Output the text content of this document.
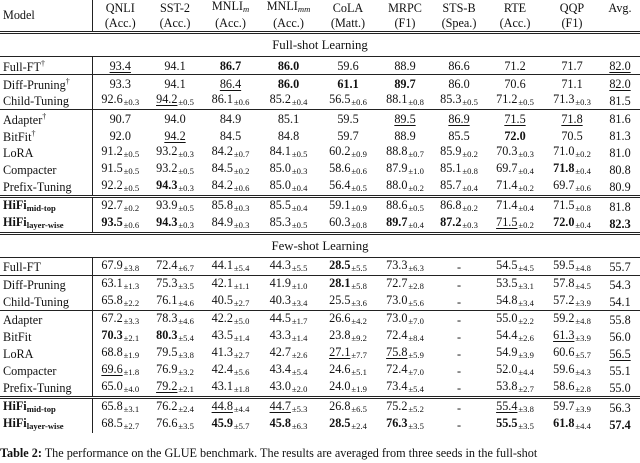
Model	QNLI	SST-2	MNLIm	MNLImm	CoLA	MRPC	STS-B	RTE	QQP	Avg.
	(Acc.)	(Acc.)	(Acc.)	(Acc.)	(Matt.)	(F1)	(Spea.)	(Acc.)	(F1)	
Full-shot Learning										
Full-FT†	93.4	94.1	86.7	86.0	59.6	88.9	86.6	71.2	71.7	82.0
Diff-Pruning†	93.3	94.1	86.4	86.0	61.1	89.7	86.0	70.6	71.1	82.0
Child-Tuning	92.6±0.3	94.2±0.5	86.1±0.6	85.2±0.4	56.5±0.6	88.1±0.8	85.3±0.5	71.2±0.5	71.3±0.3	81.5
Adapter†	90.7	94.0	84.9	85.1	59.5	89.5	86.9	71.5	71.8	81.6
BitFit†	92.0	94.2	84.5	84.8	59.7	88.9	85.5	72.0	70.5	81.3
LoRA	91.2±0.5	93.2±0.3	84.2±0.7	84.1±0.5	60.2±0.9	88.8±0.7	85.9±0.2	70.3±0.3	71.0±0.2	81.0
Compacter	91.5±0.5	93.2±0.5	84.5±0.2	85.0±0.3	58.6±0.6	87.9±1.0	85.1±0.8	69.7±0.4	71.8±0.4	80.8
Prefix-Tuning	92.2±0.5	94.3±0.3	84.2±0.6	85.0±0.4	56.4±0.5	88.0±0.2	85.7±0.4	71.4±0.2	69.7±0.6	80.9
HiFi$_{mid-top}$	92.7±0.2	93.9±0.5	85.8±0.3	85.5±0.4	59.1±0.9	88.6±0.5	86.8±0.2	71.4±0.4	71.5±0.8	81.8
HiFi$_{layer-wise}$	93.5±0.6	94.3±0.3	84.9±0.3	85.3±0.5	60.3±0.8	89.7±0.4	87.2±0.3	71.5±0.2	72.0±0.4	82.3
Few-shot Learning										
Full-FT	67.9±3.8	72.4±6.7	44.1±5.4	44.3±5.5	28.5±5.5	73.3±6.3	-	54.5±4.5	59.5±4.8	55.7
Diff-Pruning	63.1±1.3	75.3±3.5	42.1±1.1	41.9±1.0	28.1±5.8	72.7±2.8	-	53.5±3.1	57.8±4.5	54.3
Child-Tuning	65.8±2.2	76.1±4.6	40.5±2.7	40.3±3.4	25.5±3.6	73.0±5.6	-	54.8±3.4	57.2±3.9	54.1
Adapter	67.2±3.3	78.3±4.6	42.2±5.0	44.5±1.7	26.6±4.2	73.0±7.0	-	55.0±2.2	59.2±4.8	55.8
BitFit	70.3±2.1	80.3±5.4	43.5±1.4	43.3±1.4	23.8±9.2	72.4±8.4	-	54.4±2.6	61.3±3.9	56.0
LoRA	68.8±1.9	79.5±3.8	41.3±2.7	42.7±2.6	27.1±7.7	75.8±5.9	-	54.9±3.9	60.6±5.7	56.5
Compacter	69.6±1.8	76.9±3.2	42.4±5.6	43.4±5.4	24.6±5.1	72.4±7.0	-	52.0±4.4	59.6±4.3	55.1
Prefix-Tuning	65.0±4.0	79.2±2.1	43.1±1.8	43.0±2.0	24.0±1.9	73.4±5.4	-	53.8±2.7	58.6±2.8	55.0
HiFi$_{mid-top}$	65.8±3.1	76.2±2.4	44.8±4.4	44.7±5.3	26.8±6.5	75.2±5.2	-	55.4±3.8	59.7±3.9	56.3
HiFi$_{layer-wise}$	68.5±2.7	76.6±3.5	45.9±5.7	45.8±6.3	28.5±2.4	76.3±3.5	-	55.5±3.5	61.8±4.4	57.4
Table 2: The performance on the GLUE benchmark. The results are averaged from three seeds in the full-shot
